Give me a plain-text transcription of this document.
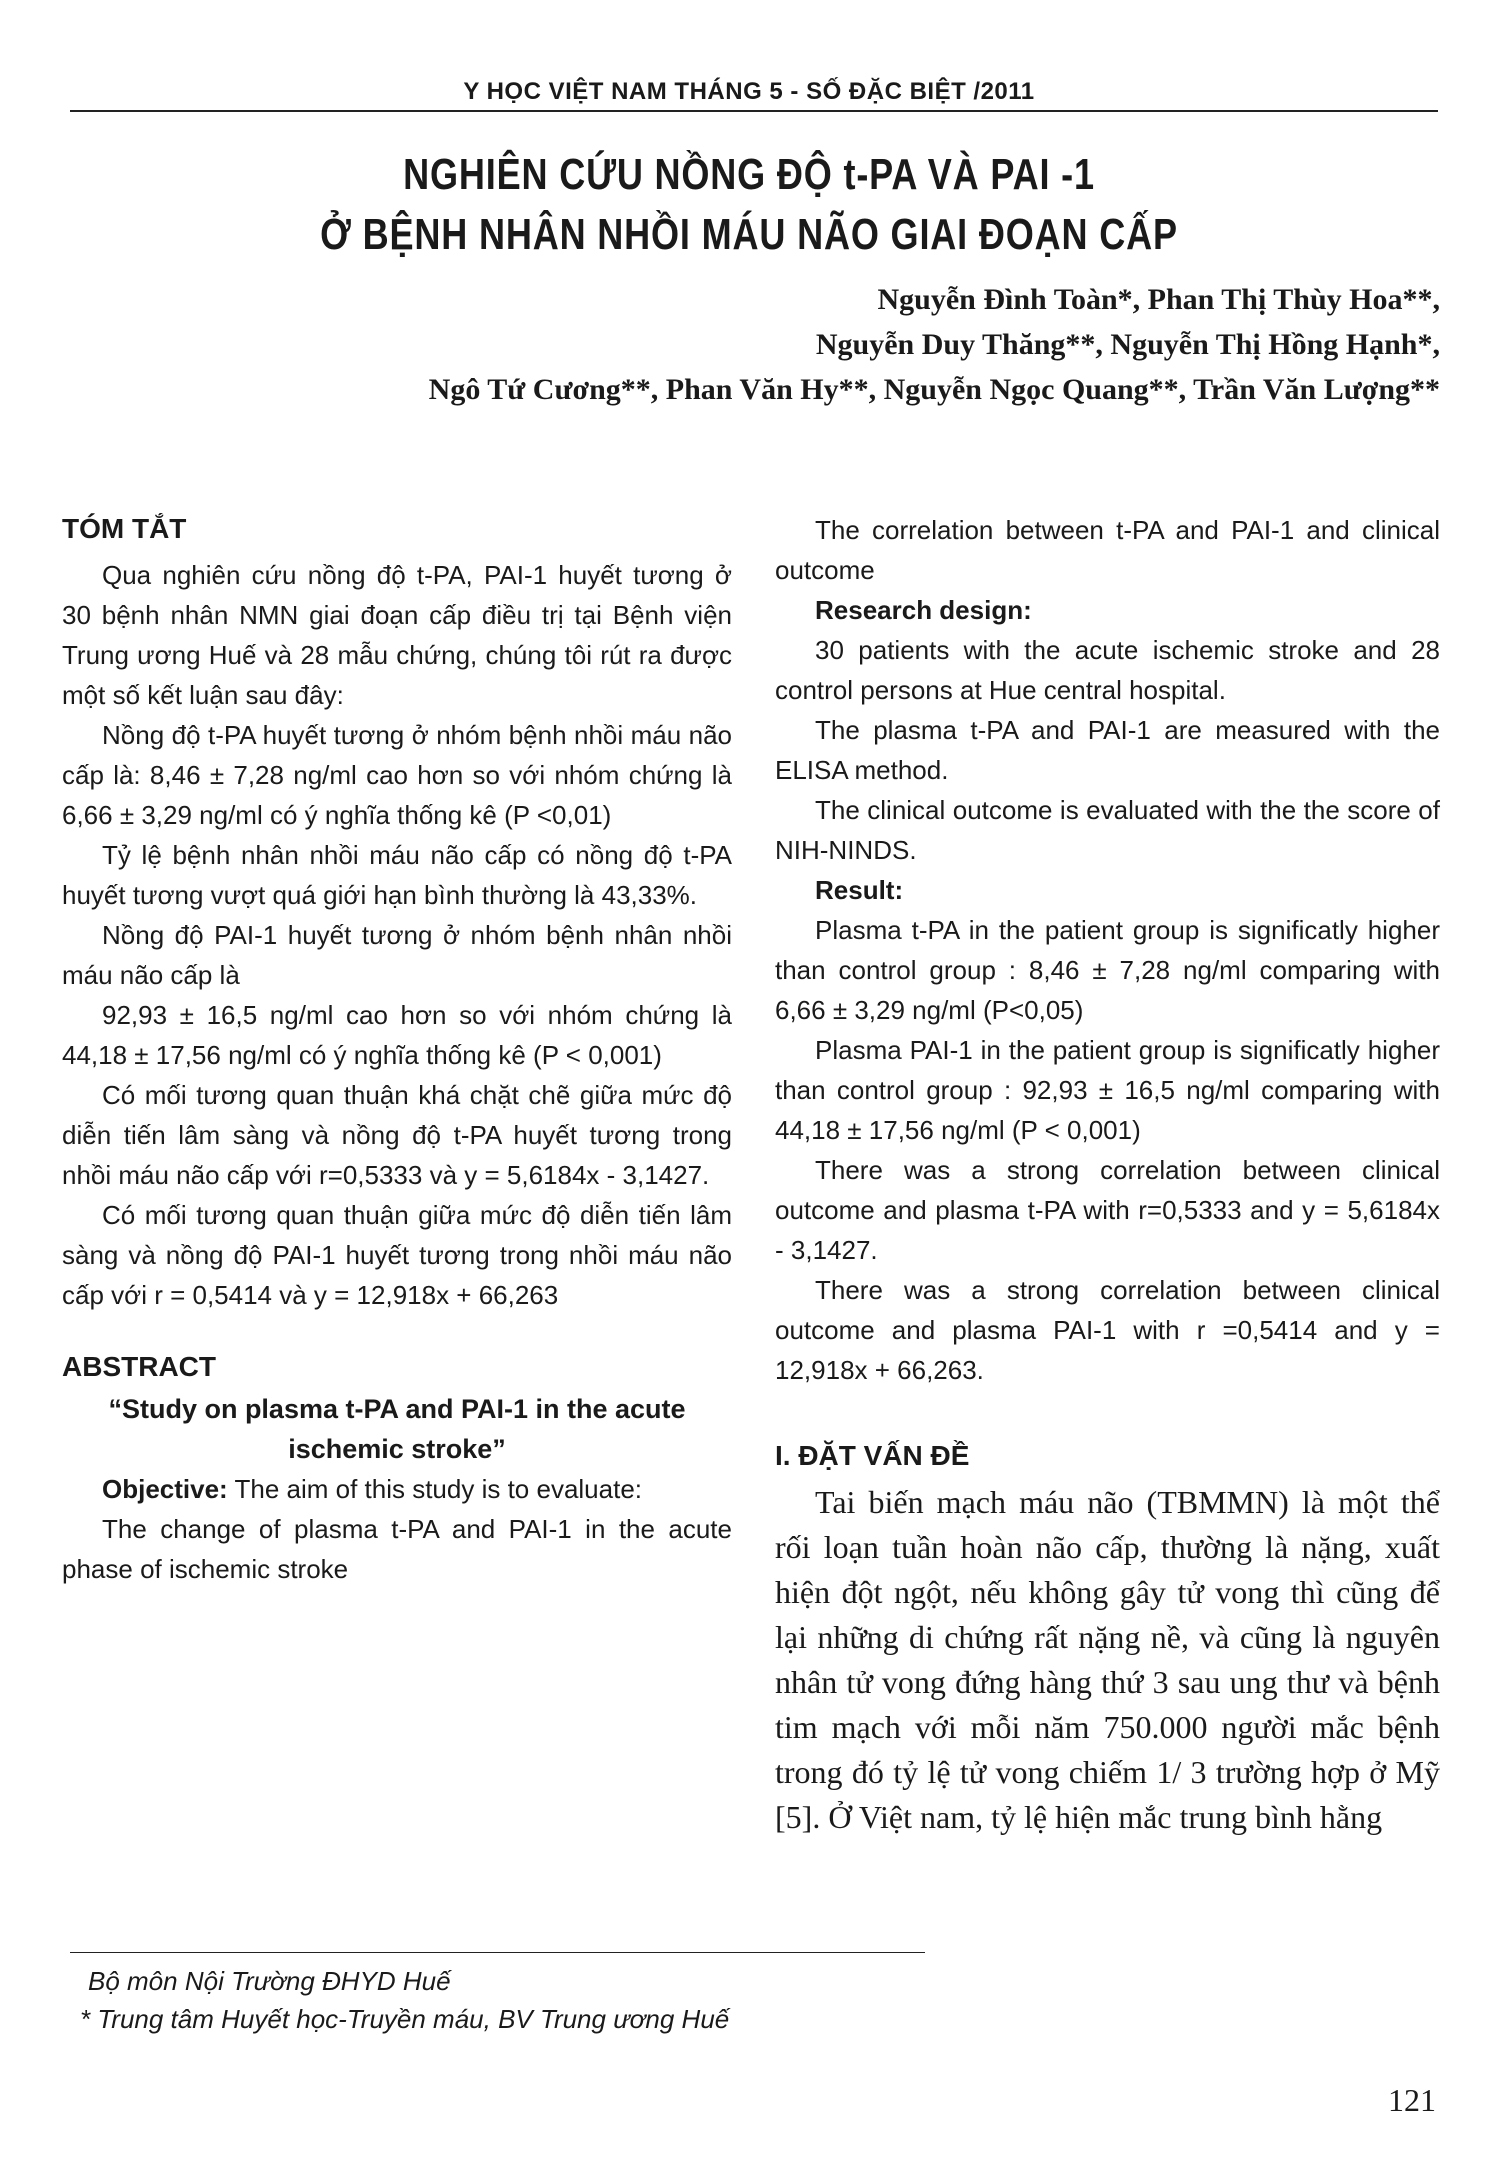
Y HỌC VIỆT NAM THÁNG 5 - SỐ ĐẶC BIỆT /2011
NGHIÊN CỨU NỒNG ĐỘ t-PA VÀ PAI -1
Ở BỆNH NHÂN NHỒI MÁU NÃO GIAI ĐOẠN CẤP
Nguyễn Đình Toàn*, Phan Thị Thùy Hoa**,
Nguyễn Duy Thăng**, Nguyễn Thị Hồng Hạnh*,
Ngô Tứ Cương**, Phan Văn Hy**, Nguyễn Ngọc Quang**, Trần Văn Lượng**
TÓM TẮT

Qua nghiên cứu nồng độ t-PA, PAI-1 huyết tương ở 30 bệnh nhân NMN giai đoạn cấp điều trị tại Bệnh viện Trung ương Huế và 28 mẫu chứng, chúng tôi rút ra được một số kết luận sau đây:

Nồng độ t-PA huyết tương ở nhóm bệnh nhồi máu não cấp là: 8,46 ± 7,28 ng/ml cao hơn so với nhóm chứng là 6,66 ± 3,29 ng/ml có ý nghĩa thống kê (P <0,01)

Tỷ lệ bệnh nhân nhồi máu não cấp có nồng độ t-PA huyết tương vượt quá giới hạn bình thường là 43,33%.

Nồng độ PAI-1 huyết tương ở nhóm bệnh nhân nhồi máu não cấp là

92,93 ± 16,5 ng/ml cao hơn so với nhóm chứng là 44,18 ± 17,56 ng/ml có ý nghĩa thống kê (P < 0,001)

Có mối tương quan thuận khá chặt chẽ giữa mức độ diễn tiến lâm sàng và nồng độ t-PA huyết tương trong nhồi máu não cấp với r=0,5333 và y = 5,6184x - 3,1427.

Có mối tương quan thuận giữa mức độ diễn tiến lâm sàng và nồng độ PAI-1 huyết tương trong nhồi máu não cấp với r = 0,5414 và y = 12,918x + 66,263

ABSTRACT
“Study on plasma t-PA and PAI-1 in the acute ischemic stroke”

Objective: The aim of this study is to evaluate:

The change of plasma t-PA and PAI-1 in the acute phase of ischemic stroke

The correlation between t-PA and PAI-1 and clinical outcome

Research design:

30 patients with the acute ischemic stroke and 28 control persons at Hue central hospital.

The plasma t-PA and PAI-1 are measured with the ELISA method.

The clinical outcome is evaluated with the the score of NIH-NINDS.

Result:

Plasma t-PA in the patient group is significatly higher than control group : 8,46 ± 7,28 ng/ml comparing with 6,66 ± 3,29 ng/ml (P<0,05)

Plasma PAI-1 in the patient group is significatly higher than control group : 92,93 ± 16,5 ng/ml comparing with 44,18 ± 17,56 ng/ml (P < 0,001)

There was a strong correlation between clinical outcome and plasma t-PA with r=0,5333 and y = 5,6184x - 3,1427.

There was a strong correlation between clinical outcome and plasma PAI-1 with r =0,5414 and y = 12,918x + 66,263.

I. ĐẶT VẤN ĐỀ

Tai biến mạch máu não (TBMMN) là một thể rối loạn tuần hoàn não cấp, thường là nặng, xuất hiện đột ngột, nếu không gây tử vong thì cũng để lại những di chứng rất nặng nề, và cũng là nguyên nhân tử vong đứng hàng thứ 3 sau ung thư và bệnh tim mạch với mỗi năm 750.000 người mắc bệnh trong đó tỷ lệ tử vong chiếm 1/ 3 trường hợp ở Mỹ [5]. Ở Việt nam, tỷ lệ hiện mắc trung bình hằng

Bộ môn Nội Trường ĐHYD Huế
* Trung tâm Huyết học-Truyền máu, BV Trung ương Huế
121
